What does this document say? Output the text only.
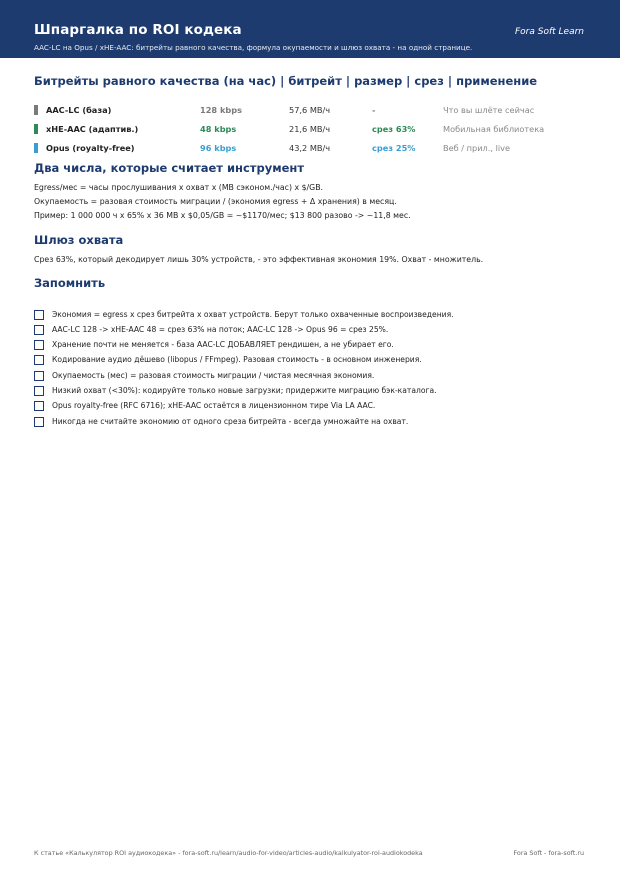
Шпаргалка по ROI кодека	Fora Soft Learn
AAC-LC на Opus / xHE-AAC: битрейты равного качества, формула окупаемости и шлюз охвата - на одной странице.
Битрейты равного качества (на час) | битрейт | размер | срез | применение
AAC-LC (база)	128 kbps	57,6 МВ/ч	-	Что вы шлёте сейчас
xHE-AAC (адаптив.)	48 kbps	21,6 МВ/ч	срез 63%	Мобильная библиотека
Opus (royalty-free)	96 kbps	43,2 МВ/ч	срез 25%	Веб / прил., live
Два числа, которые считает инструмент
Egress/мес = часы прослушивания x охват x (MB сэконом./час) x $/GB.
Окупаемость = разовая стоимость миграции / (экономия egress + Δ хранения) в месяц.
Пример: 1 000 000 ч x 65% x 36 MB x $0,05/GB = ~$1170/мес; $13 800 разово -> ~11,8 мес.
Шлюз охвата
Срез 63%, который декодирует лишь 30% устройств, - это эффективная экономия 19%. Охват - множитель.
Запомнить
Экономия = egress x срез битрейта x охват устройств. Берут только охваченные воспроизведения.
AAC-LC 128 -> xHE-AAC 48 = срез 63% на поток; AAC-LC 128 -> Opus 96 = срез 25%.
Хранение почти не меняется - база AAC-LC ДОБАВЛЯЕТ рендишен, а не убирает его.
Кодирование аудио дёшево (libopus / FFmpeg). Разовая стоимость - в основном инженерия.
Окупаемость (мес) = разовая стоимость миграции / чистая месячная экономия.
Низкий охват (<30%): кодируйте только новые загрузки; придержите миграцию бэк-каталога.
Opus royalty-free (RFC 6716); xHE-AAC остаётся в лицензионном тире Via LA AAC.
Никогда не считайте экономию от одного среза битрейта - всегда умножайте на охват.
К статье «Калькулятор ROI аудиокодека» - fora-soft.ru/learn/audio-for-video/articles-audio/kalkulyator-roi-audiokodeka	Fora Soft - fora-soft.ru
